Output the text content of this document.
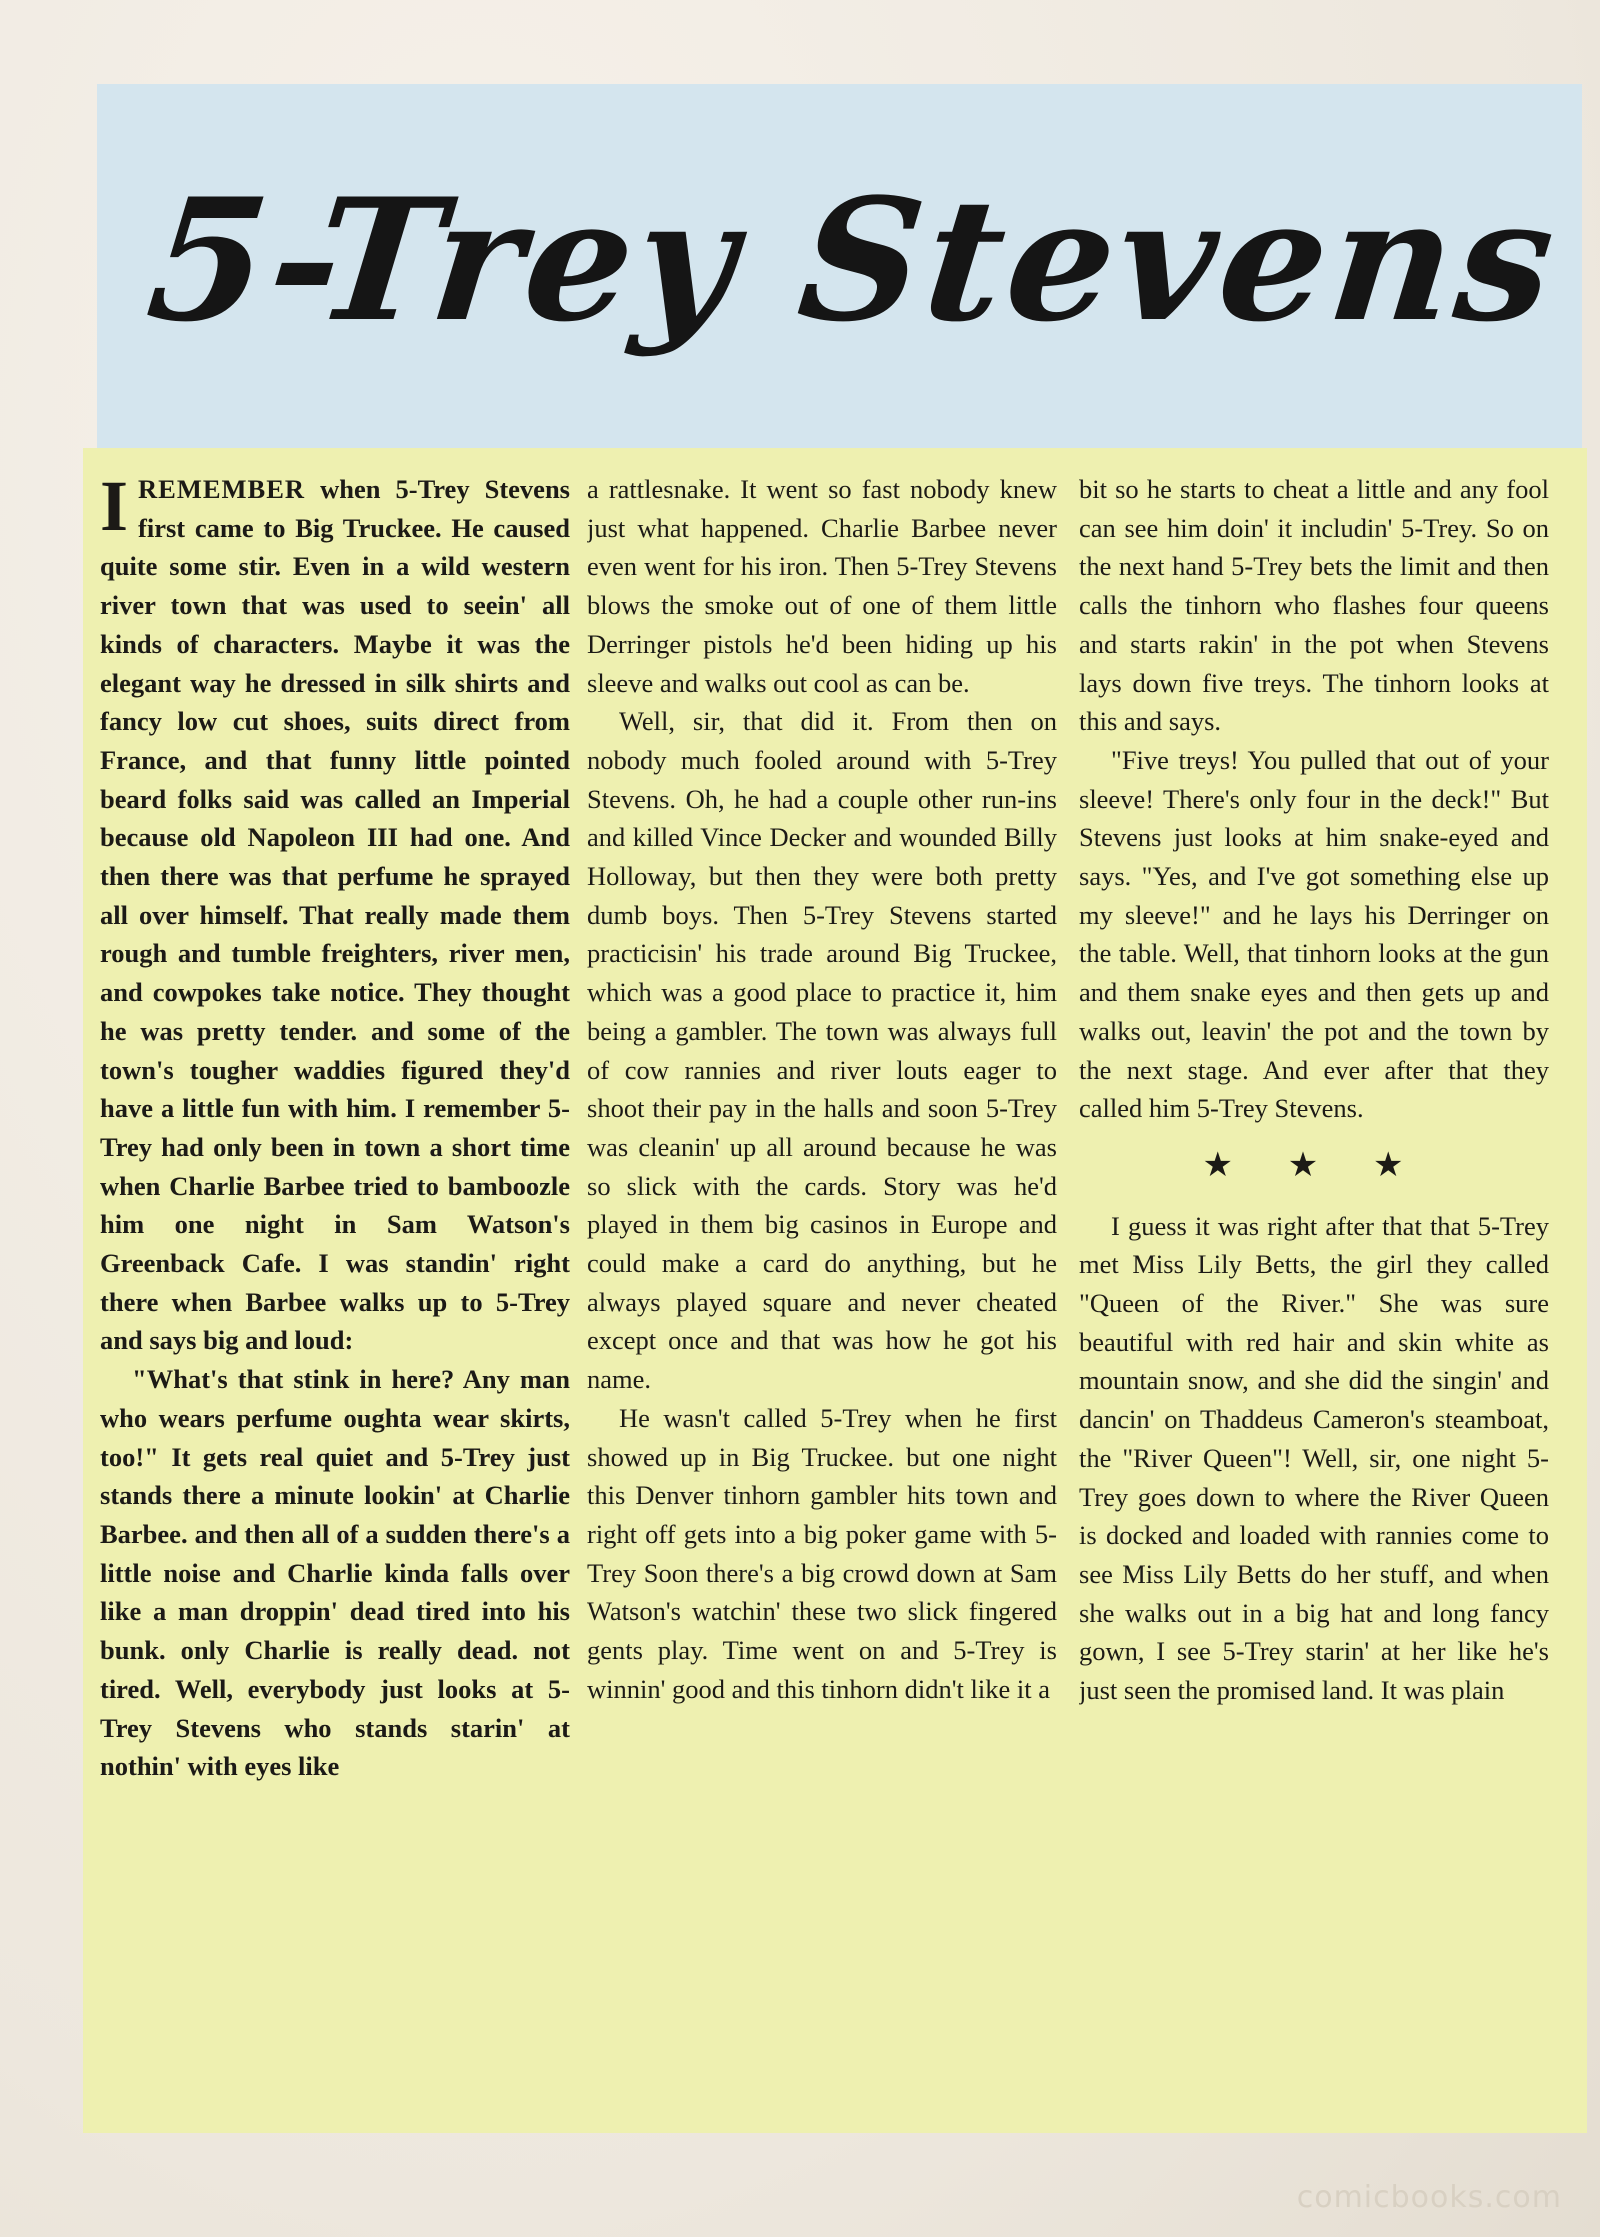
5-Trey Stevens

IREMEMBER when 5-Trey Stevens first came to Big Truckee. He caused quite some stir. Even in a wild western river town that was used to seein' all kinds of characters. Maybe it was the elegant way he dressed in silk shirts and fancy low cut shoes, suits direct from France, and that funny little pointed beard folks said was called an Imperial because old Napoleon III had one. And then there was that perfume he sprayed all over himself. That really made them rough and tumble freighters, river men, and cowpokes take notice. They thought he was pretty tender. and some of the town's tougher waddies figured they'd have a little fun with him. I remember 5-Trey had only been in town a short time when Charlie Barbee tried to bamboozle him one night in Sam Watson's Greenback Cafe. I was standin' right there when Barbee walks up to 5-Trey and says big and loud:

"What's that stink in here? Any man who wears perfume oughta wear skirts, too!" It gets real quiet and 5-Trey just stands there a minute lookin' at Charlie Barbee. and then all of a sudden there's a little noise and Charlie kinda falls over like a man droppin' dead tired into his bunk. only Charlie is really dead. not tired. Well, everybody just looks at 5-Trey Stevens who stands starin' at nothin' with eyes like

a rattlesnake. It went so fast nobody knew just what happened. Charlie Barbee never even went for his iron. Then 5-Trey Stevens blows the smoke out of one of them little Derringer pistols he'd been hiding up his sleeve and walks out cool as can be.

Well, sir, that did it. From then on nobody much fooled around with 5-Trey Stevens. Oh, he had a couple other run-ins and killed Vince Decker and wounded Billy Holloway, but then they were both pretty dumb boys. Then 5-Trey Stevens started practicisin' his trade around Big Truckee, which was a good place to practice it, him being a gambler. The town was always full of cow rannies and river louts eager to shoot their pay in the halls and soon 5-Trey was cleanin' up all around because he was so slick with the cards. Story was he'd played in them big casinos in Europe and could make a card do anything, but he always played square and never cheated except once and that was how he got his name.

He wasn't called 5-Trey when he first showed up in Big Truckee. but one night this Denver tinhorn gambler hits town and right off gets into a big poker game with 5-Trey Soon there's a big crowd down at Sam Watson's watchin' these two slick fingered gents play. Time went on and 5-Trey is winnin' good and this tinhorn didn't like it a

bit so he starts to cheat a little and any fool can see him doin' it includin' 5-Trey. So on the next hand 5-Trey bets the limit and then calls the tinhorn who flashes four queens and starts rakin' in the pot when Stevens lays down five treys. The tinhorn looks at this and says.

"Five treys! You pulled that out of your sleeve! There's only four in the deck!" But Stevens just looks at him snake-eyed and says. "Yes, and I've got something else up my sleeve!" and he lays his Derringer on the table. Well, that tinhorn looks at the gun and them snake eyes and then gets up and walks out, leavin' the pot and the town by the next stage. And ever after that they called him 5-Trey Stevens.

★ ★ ★

I guess it was right after that that 5-Trey met Miss Lily Betts, the girl they called "Queen of the River." She was sure beautiful with red hair and skin white as mountain snow, and she did the singin' and dancin' on Thaddeus Cameron's steamboat, the "River Queen"! Well, sir, one night 5-Trey goes down to where the River Queen is docked and loaded with rannies come to see Miss Lily Betts do her stuff, and when she walks out in a big hat and long fancy gown, I see 5-Trey starin' at her like he's just seen the promised land. It was plain

comicbooks.com
